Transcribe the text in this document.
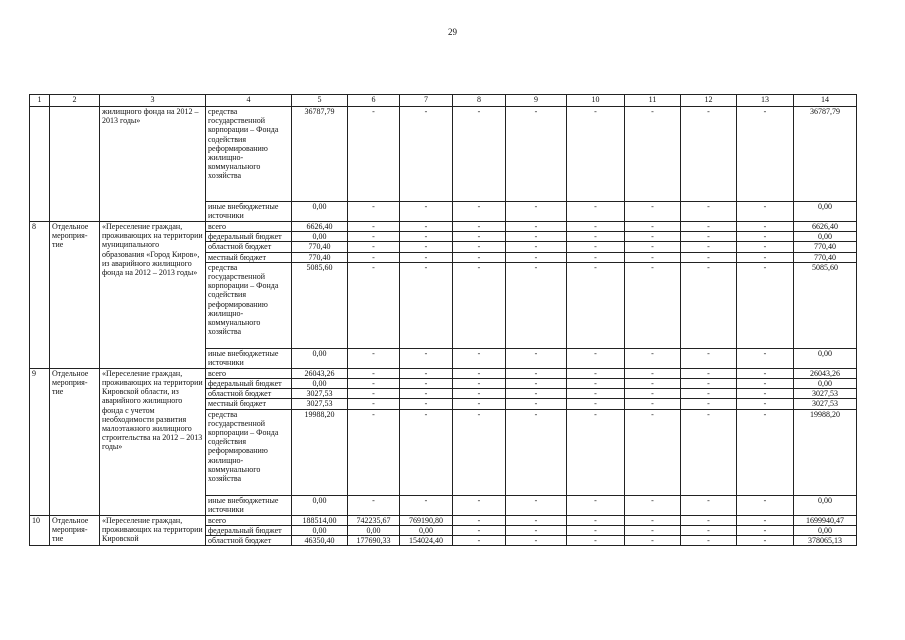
29
1	2	3	4	5	6	7	8	9	10	11	12	13	14
		жилищного фонда на 2012 – 2013 годы»	средства государственной корпорации – Фонда содействия реформированию жилищно-коммунального хозяйства	36787,79	-	-	-	-	-	-	-	-	36787,79
			иные внебюджетные источники	0,00	-	-	-	-	-	-	-	-	0,00
8	Отдельное мероприя-тие	«Переселение граждан, проживающих на территории муниципального образования «Город Киров», из аварийного жилищного фонда на 2012 – 2013 годы»	всего	6626,40	-	-	-	-	-	-	-	-	6626,40
			федеральный бюджет	0,00	-	-	-	-	-	-	-	-	0,00
			областной бюджет	770,40	-	-	-	-	-	-	-	-	770,40
			местный бюджет	770,40	-	-	-	-	-	-	-	-	770,40
			средства государственной корпорации – Фонда содействия реформированию жилищно-коммунального хозяйства	5085,60	-	-	-	-	-	-	-	-	5085,60
			иные внебюджетные источники	0,00	-	-	-	-	-	-	-	-	0,00
9	Отдельное мероприя-тие	«Переселение граждан, проживающих на территории Кировской области, из аварийного жилищного фонда с учетом необходимости развития малоэтажного жилищного строительства на 2012 – 2013 годы»	всего	26043,26	-	-	-	-	-	-	-	-	26043,26
			федеральный бюджет	0,00	-	-	-	-	-	-	-	-	0,00
			областной бюджет	3027,53	-	-	-	-	-	-	-	-	3027,53
			местный бюджет	3027,53	-	-	-	-	-	-	-	-	3027,53
			средства государственной корпорации – Фонда содействия реформированию жилищно-коммунального хозяйства	19988,20	-	-	-	-	-	-	-	-	19988,20
			иные внебюджетные источники	0,00	-	-	-	-	-	-	-	-	0,00
10	Отдельное мероприя-тие	«Переселение граждан, проживающих на территории Кировской	всего	188514,00	742235,67	769190,80	-	-	-	-	-	-	1699940,47
			федеральный бюджет	0,00	0,00	0,00	-	-	-	-	-	-	0,00
			областной бюджет	46350,40	177690,33	154024,40	-	-	-	-	-	-	378065,13
